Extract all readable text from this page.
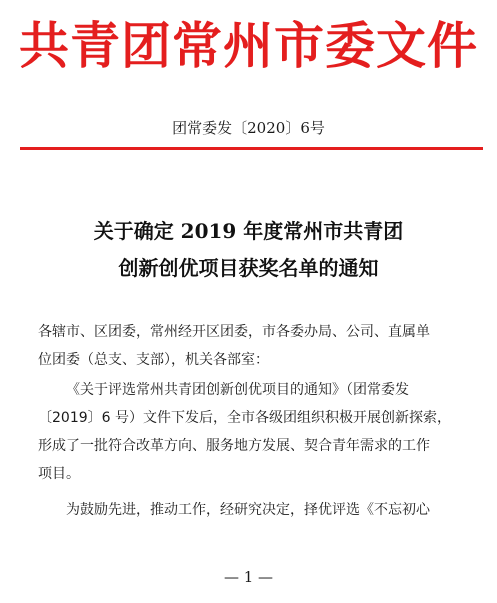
共青团常州市委文件
团常委发〔2020〕6号
关于确定 2019 年度常州市共青团
创新创优项目获奖名单的通知
各辖市、区团委，常州经开区团委，市各委办局、公司、直属单
位团委（总支、支部），机关各部室：
《关于评选常州共青团创新创优项目的通知》（团常委发
〔2019〕6 号）文件下发后，全市各级团组织积极开展创新探索，
形成了一批符合改革方向、服务地方发展、契合青年需求的工作
项目。
为鼓励先进，推动工作，经研究决定，择优评选《不忘初心
— 1 —
